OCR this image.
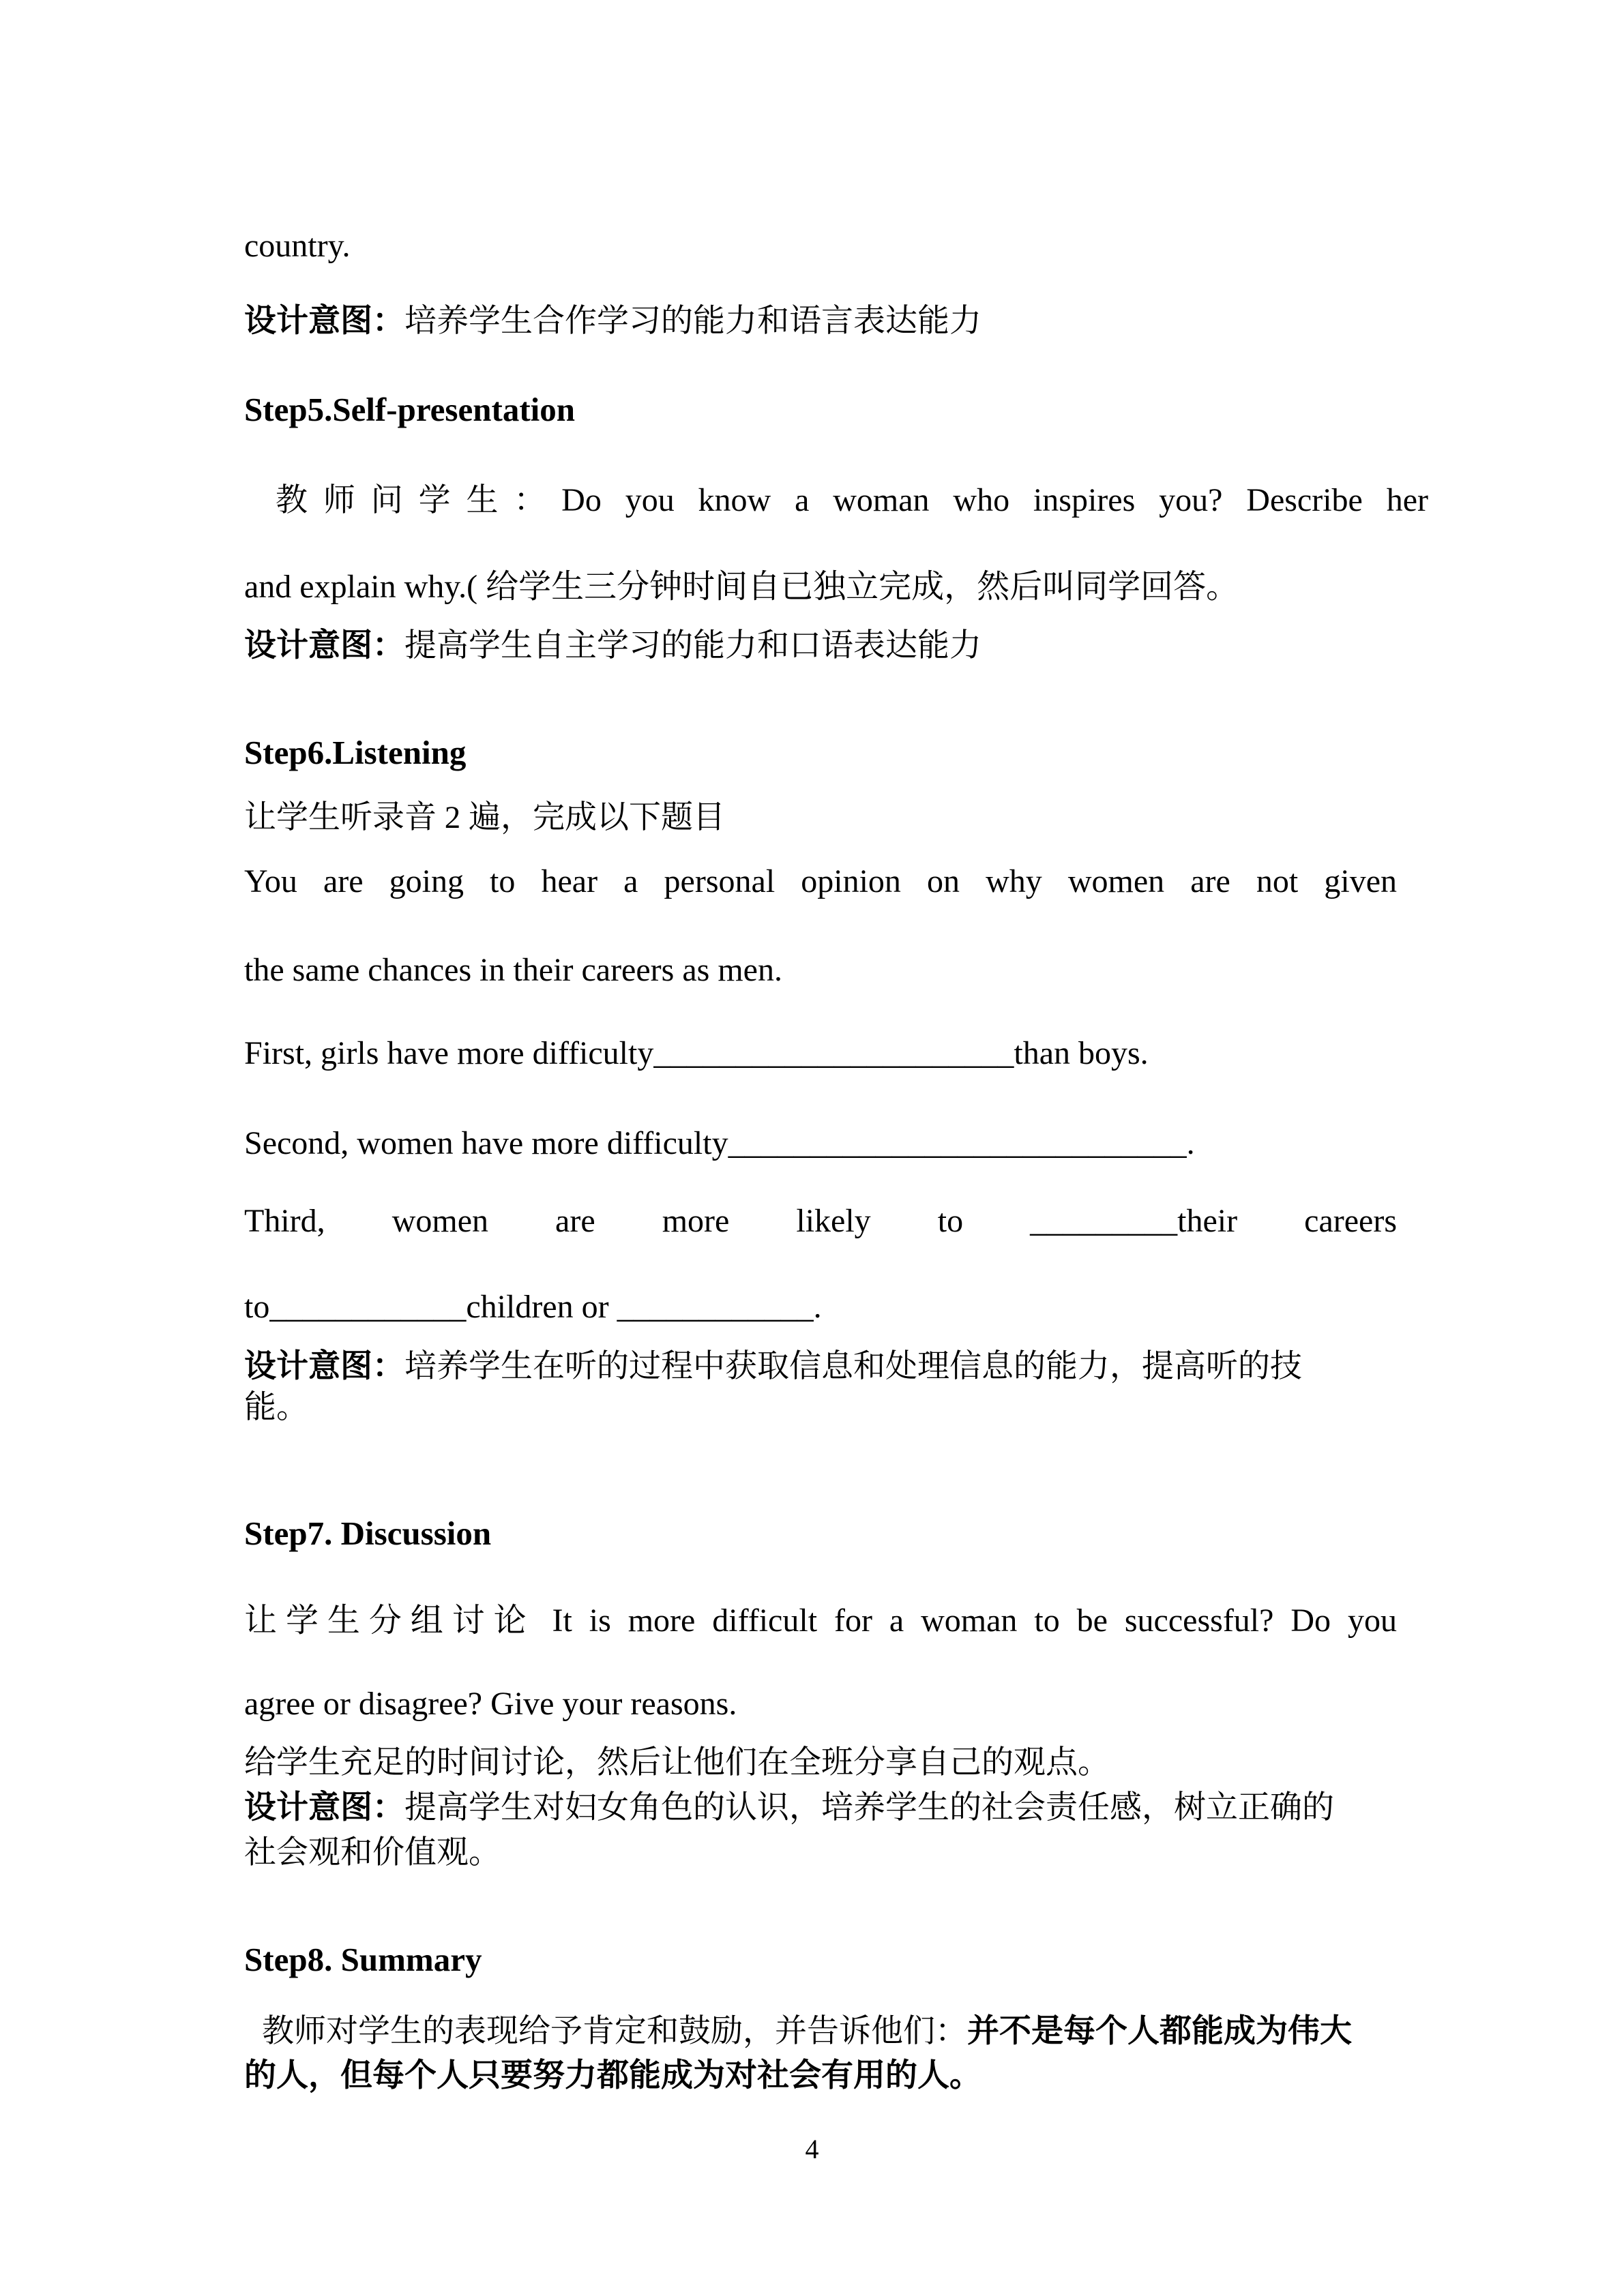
country.
设计意图：培养学生合作学习的能力和语言表达能力
Step5.Self-presentation
教师问学生：Do you know a woman who inspires you? Describe her
and explain why.( 给学生三分钟时间自已独立完成，然后叫同学回答。
设计意图：提高学生自主学习的能力和口语表达能力
Step6.Listening
让学生听录音 2 遍，完成以下题目
You are going to hear a personal opinion on why women are not given
the same chances in their careers as men.
First, girls have more difficulty______________________than boys.
Second, women have more difficulty____________________________.
Third, women are more likely to _________their careers
to____________children or ____________.
设计意图：培养学生在听的过程中获取信息和处理信息的能力，提高听的技
能。
Step7. Discussion
让学生分组讨论 It is more difficult for a woman to be successful? Do you
agree or disagree? Give your reasons.
给学生充足的时间讨论，然后让他们在全班分享自己的观点。
设计意图：提高学生对妇女角色的认识，培养学生的社会责任感，树立正确的
社会观和价值观。
Step8. Summary
教师对学生的表现给予肯定和鼓励，并告诉他们：并不是每个人都能成为伟大
的人，但每个人只要努力都能成为对社会有用的人。
4
